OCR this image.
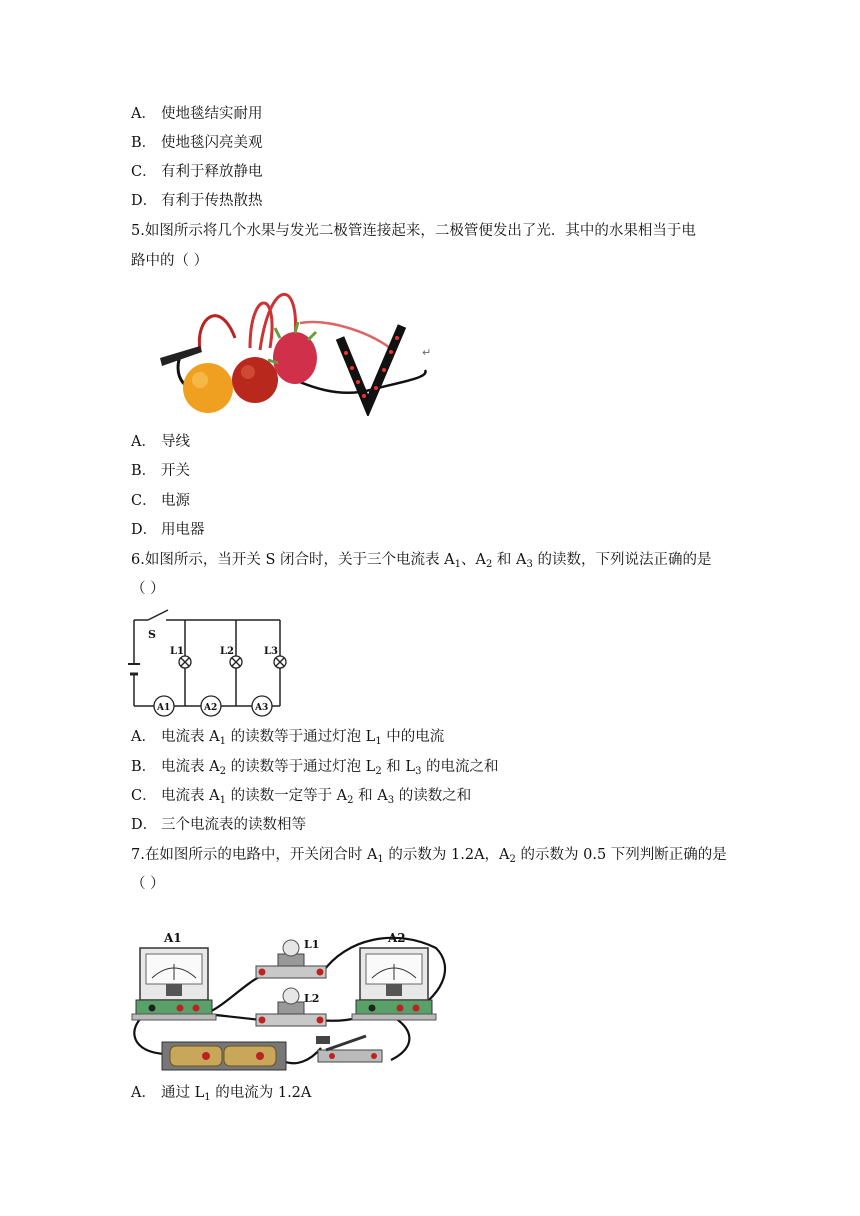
A． 使地毯结实耐用
B． 使地毯闪亮美观
C． 有利于释放静电
D． 有利于传热散热
5.如图所示将几个水果与发光二极管连接起来，二极管便发出了光．其中的水果相当于电
路中的（ ）
↵
A． 导线
B． 开关
C． 电源
D． 用电器
6.如图所示，当开关 S 闭合时，关于三个电流表 $A_1$、$A_2$ 和 $A_3$ 的读数，下列说法正确的是
（ ）
S
L1	L2	L3
A1	A2	A3
A． 电流表 $A_1$ 的读数等于通过灯泡 $L_1$ 中的电流
B． 电流表 $A_2$ 的读数等于通过灯泡 $L_2$ 和 $L_3$ 的电流之和
C． 电流表 $A_1$ 的读数一定等于 $A_2$ 和 $A_3$ 的读数之和
D． 三个电流表的读数相等
7.在如图所示的电路中，开关闭合时 $A_1$ 的示数为 1.2A，$A_2$ 的示数为 0.5 下列判断正确的是
（ ）
A1	A2
L1
L2
A． 通过 $L_1$ 的电流为 1.2A
